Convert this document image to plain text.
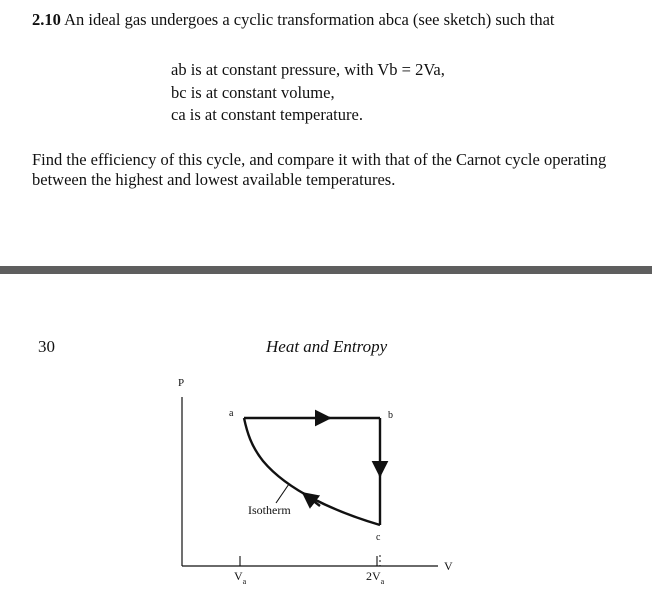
2.10 An ideal gas undergoes a cyclic transformation abca (see sketch) such that
ab is at constant pressure, with Vb = 2Va,
bc is at constant volume,
ca is at constant temperature.
Find the efficiency of this cycle, and compare it with that of the Carnot cycle operating
between the highest and lowest available temperatures.
30	Heat and Entropy
P
V
Isotherm
a	b
c
$V_a$	$2V_a$
